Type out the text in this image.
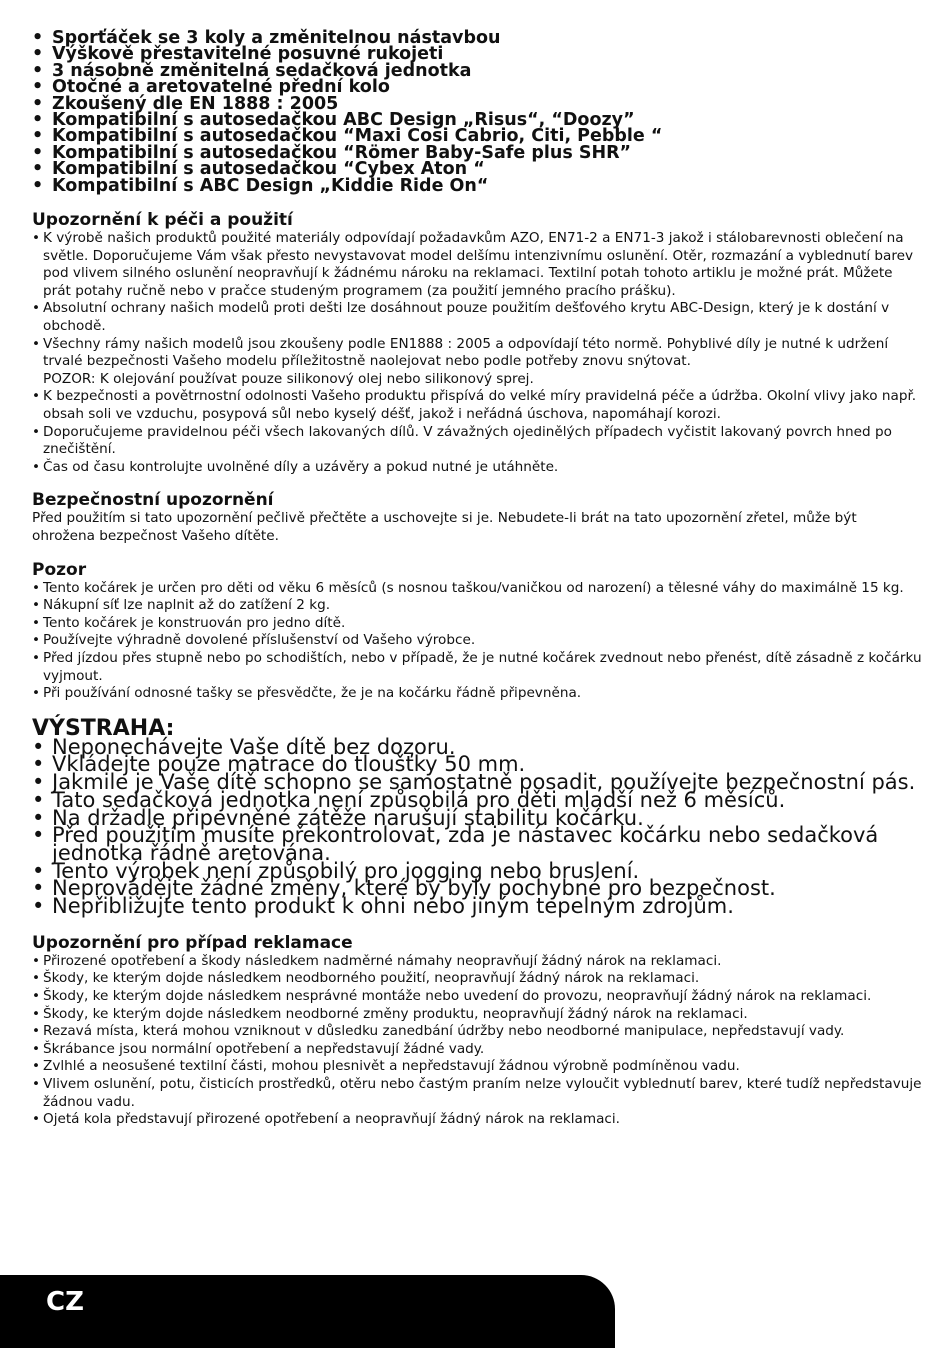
• Sporťáček se 3 koly a změnitelnou nástavbou
• Výškově přestavitelné posuvné rukojeti
• 3 násobně změnitelná sedačková jednotka
• Otočné a aretovatelné přední kolo
• Zkoušený dle EN 1888 : 2005
• Kompatibilní s autosedačkou ABC Design „Risus“, “Doozy”
• Kompatibilní s autosedačkou “Maxi Cosi Cabrio, Citi, Pebble “
• Kompatibilní s autosedačkou “Römer Baby-Safe plus SHR”
• Kompatibilní s autosedačkou “Cybex Aton “
• Kompatibilní s ABC Design „Kiddie Ride On“
Upozornění k péči a použití
• K výrobě našich produktů použité materiály odpovídají požadavkům AZO, EN71-2 a EN71-3 jakož i stálobarevnosti oblečení na světle. Doporučujeme Vám však přesto nevystavovat model delšímu intenzivnímu oslunění. Otěr, rozmazání a vyblednutí barev pod vlivem silného oslunění neopravňují k žádnému nároku na reklamaci. Textilní potah tohoto artiklu je možné prát. Můžete prát potahy ručně nebo v pračce studeným programem (za použití jemného pracího prášku).
• Absolutní ochrany našich modelů proti dešti lze dosáhnout pouze použitím dešťového krytu ABC-Design, který je k dostání v obchodě.
• Všechny rámy našich modelů jsou zkoušeny podle EN1888 : 2005 a odpovídají této normě. Pohyblivé díly je nutné k udržení trvalé bezpečnosti Vašeho modelu příležitostně naolejovat nebo podle potřeby znovu snýtovat.
POZOR: K olejování používat pouze silikonový olej nebo silikonový sprej.
• K bezpečnosti a povětrnostní odolnosti Vašeho produktu přispívá do velké míry pravidelná péče a údržba. Okolní vlivy jako např. obsah soli ve vzduchu, posypová sůl nebo kyselý déšť, jakož i neřádná úschova, napomáhají korozi.
• Doporučujeme pravidelnou péči všech lakovaných dílů. V závažných ojedinělých případech vyčistit lakovaný povrch hned po znečištění.
• Čas od času kontrolujte uvolněné díly a uzávěry a pokud nutné je utáhněte.
Bezpečnostní upozornění

Před použitím si tato upozornění pečlivě přečtěte a uschovejte si je. Nebudete-li brát na tato upozornění zřetel, může být ohrožena bezpečnost Vašeho dítěte.

Pozor
• Tento kočárek je určen pro děti od věku 6 měsíců (s nosnou taškou/vaničkou od narození) a tělesné váhy do maximálně 15 kg.
• Nákupní síť lze naplnit až do zatížení 2 kg.
• Tento kočárek je konstruován pro jedno dítě.
• Používejte výhradně dovolené příslušenství od Vašeho výrobce.
• Před jízdou přes stupně nebo po schodištích, nebo v případě, že je nutné kočárek zvednout nebo přenést, dítě zásadně z kočárku vyjmout.
• Při používání odnosné tašky se přesvědčte, že je na kočárku řádně připevněna.
VÝSTRAHA:
• Neponechávejte Vaše dítě bez dozoru.
• Vkládejte pouze matrace do tloušťky 50 mm.
• Jakmile je Vaše dítě schopno se samostatně posadit, používejte bezpečnostní pás.
• Tato sedačková jednotka není způsobilá pro děti mladší než 6 měsíců.
• Na držadle připevněné zátěže narušují stabilitu kočárku.
• Před použitím musíte překontrolovat, zda je nástavec kočárku nebo sedačková jednotka řádně aretována.
• Tento výrobek není způsobilý pro jogging nebo bruslení.
• Neprovádějte žádné změny, které by byly pochybné pro bezpečnost.
• Nepřibližujte tento produkt k ohni nebo jiným tepelným zdrojům.
Upozornění pro případ reklamace
• Přirozené opotřebení a škody následkem nadměrné námahy neopravňují žádný nárok na reklamaci.
• Škody, ke kterým dojde následkem neodborného použití, neopravňují žádný nárok na reklamaci.
• Škody, ke kterým dojde následkem nesprávné montáže nebo uvedení do provozu, neopravňují žádný nárok na reklamaci.
• Škody, ke kterým dojde následkem neodborné změny produktu, neopravňují žádný nárok na reklamaci.
• Rezavá místa, která mohou vzniknout v důsledku zanedbání údržby nebo neodborné manipulace, nepředstavují vady.
• Škrábance jsou normální opotřebení a nepředstavují žádné vady.
• Zvlhlé a neosušené textilní části, mohou plesnivět a nepředstavují žádnou výrobně podmíněnou vadu.
• Vlivem oslunění, potu, čisticích prostředků, otěru nebo častým praním nelze vyloučit vyblednutí barev, které tudíž nepředstavuje žádnou vadu.
• Ojetá kola představují přirozené opotřebení a neopravňují žádný nárok na reklamaci.
CZ
